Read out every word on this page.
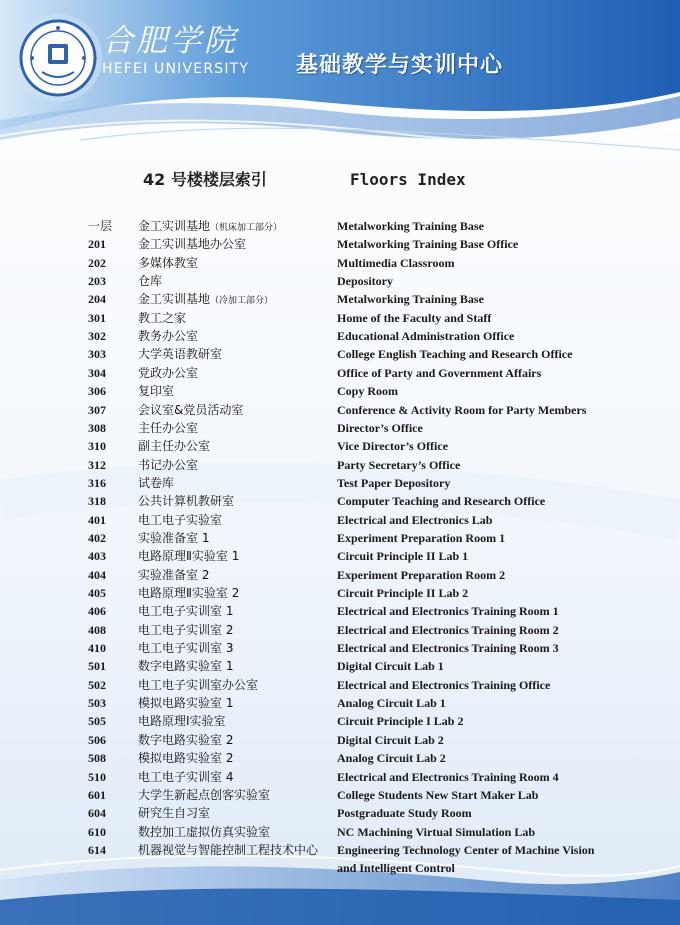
合肥学院
HEFEI UNIVERSITY 基础教学与实训中心
42 号楼楼层索引	Floors Index
一层	金工实训基地（机床加工部分）	Metalworking Training Base
201	金工实训基地办公室	Metalworking Training Base Office
202	多媒体教室	Multimedia Classroom
203	仓库	Depository
204	金工实训基地（冷加工部分）	Metalworking Training Base
301	教工之家	Home of the Faculty and Staff
302	教务办公室	Educational Administration Office
303	大学英语教研室	College English Teaching and Research Office
304	党政办公室	Office of Party and Government Affairs
306	复印室	Copy Room
307	会议室&党员活动室	Conference & Activity Room for Party Members
308	主任办公室	Director’s Office
310	副主任办公室	Vice Director’s Office
312	书记办公室	Party Secretary’s Office
316	试卷库	Test Paper Depository
318	公共计算机教研室	Computer Teaching and Research Office
401	电工电子实验室	Electrical and Electronics Lab
402	实验准备室 1	Experiment Preparation Room 1
403	电路原理Ⅱ实验室 1	Circuit Principle II Lab 1
404	实验准备室 2	Experiment Preparation Room 2
405	电路原理Ⅱ实验室 2	Circuit Principle II Lab 2
406	电工电子实训室 1	Electrical and Electronics Training Room 1
408	电工电子实训室 2	Electrical and Electronics Training Room 2
410	电工电子实训室 3	Electrical and Electronics Training Room 3
501	数字电路实验室 1	Digital Circuit Lab 1
502	电工电子实训室办公室	Electrical and Electronics Training Office
503	模拟电路实验室 1	Analog Circuit Lab 1
505	电路原理Ⅰ实验室	Circuit Principle I Lab 2
506	数字电路实验室 2	Digital Circuit Lab 2
508	模拟电路实验室 2	Analog Circuit Lab 2
510	电工电子实训室 4	Electrical and Electronics Training Room 4
601	大学生新起点创客实验室	College Students New Start Maker Lab
604	研究生自习室	Postgraduate Study Room
610	数控加工虚拟仿真实验室	NC Machining Virtual Simulation Lab
614	机器视觉与智能控制工程技术中心 Engineering Technology Center of Machine Vision
and Intelligent Control
